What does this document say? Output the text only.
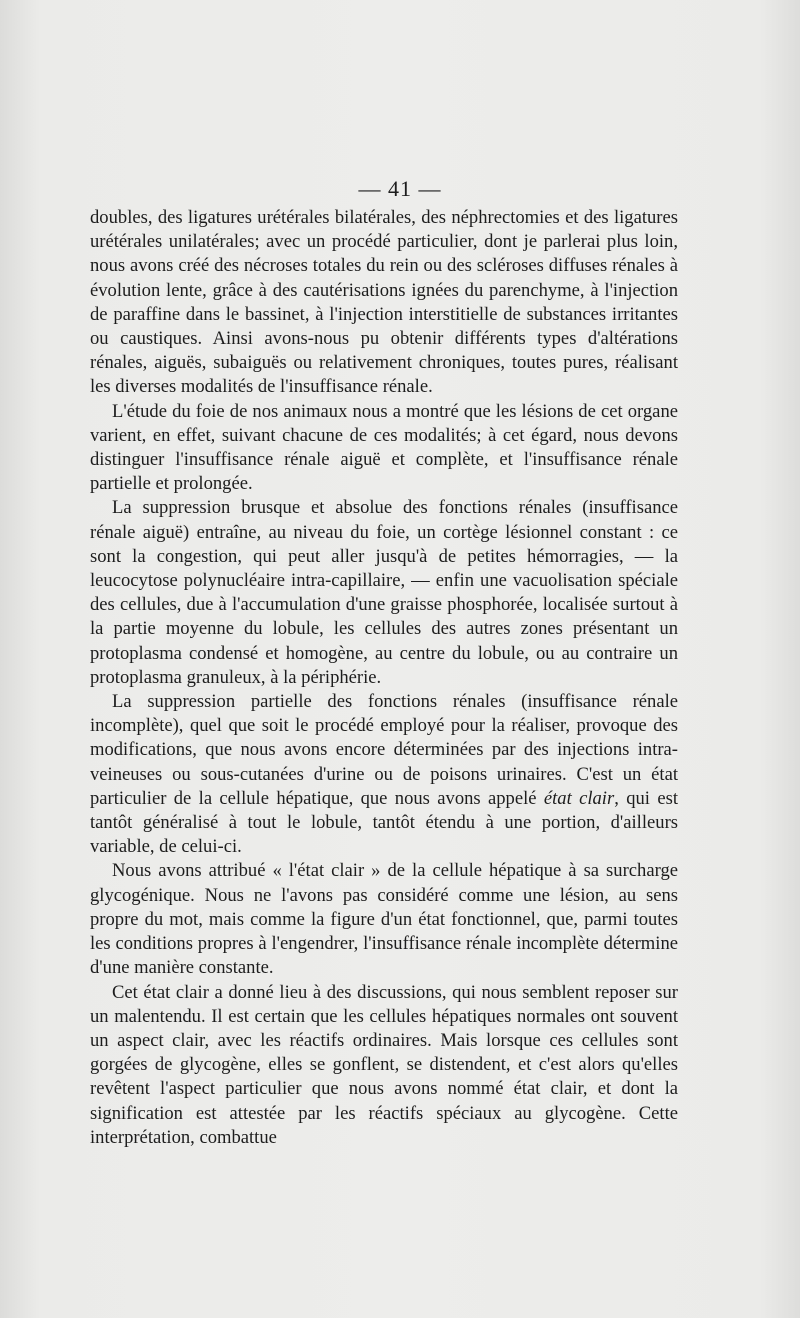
— 41 —

doubles, des ligatures urétérales bilatérales, des néphrectomies et des ligatures urétérales unilatérales; avec un procédé particulier, dont je parlerai plus loin, nous avons créé des nécroses totales du rein ou des scléroses diffuses rénales à évolution lente, grâce à des cautérisations ignées du parenchyme, à l'injection de paraffine dans le bassinet, à l'injection interstitielle de substances irritantes ou caustiques. Ainsi avons-nous pu obtenir différents types d'altérations rénales, aiguës, subaiguës ou relativement chroniques, toutes pures, réalisant les diverses modalités de l'insuffisance rénale.

L'étude du foie de nos animaux nous a montré que les lésions de cet organe varient, en effet, suivant chacune de ces modalités; à cet égard, nous devons distinguer l'insuffisance rénale aiguë et complète, et l'insuffisance rénale partielle et prolongée.

La suppression brusque et absolue des fonctions rénales (insuffisance rénale aiguë) entraîne, au niveau du foie, un cortège lésionnel constant : ce sont la congestion, qui peut aller jusqu'à de petites hémorragies, — la leucocytose polynucléaire intra-capillaire, — enfin une vacuolisation spéciale des cellules, due à l'accumulation d'une graisse phosphorée, localisée surtout à la partie moyenne du lobule, les cellules des autres zones présentant un protoplasma condensé et homogène, au centre du lobule, ou au contraire un protoplasma granuleux, à la périphérie.

La suppression partielle des fonctions rénales (insuffisance rénale incomplète), quel que soit le procédé employé pour la réaliser, provoque des modifications, que nous avons encore déterminées par des injections intra-veineuses ou sous-cutanées d'urine ou de poisons urinaires. C'est un état particulier de la cellule hépatique, que nous avons appelé état clair, qui est tantôt généralisé à tout le lobule, tantôt étendu à une portion, d'ailleurs variable, de celui-ci.

Nous avons attribué « l'état clair » de la cellule hépatique à sa surcharge glycogénique. Nous ne l'avons pas considéré comme une lésion, au sens propre du mot, mais comme la figure d'un état fonctionnel, que, parmi toutes les conditions propres à l'engendrer, l'insuffisance rénale incomplète détermine d'une manière constante.

Cet état clair a donné lieu à des discussions, qui nous semblent reposer sur un malentendu. Il est certain que les cellules hépatiques normales ont souvent un aspect clair, avec les réactifs ordinaires. Mais lorsque ces cellules sont gorgées de glycogène, elles se gonflent, se distendent, et c'est alors qu'elles revêtent l'aspect particulier que nous avons nommé état clair, et dont la signification est attestée par les réactifs spéciaux au glycogène. Cette interprétation, combattue
